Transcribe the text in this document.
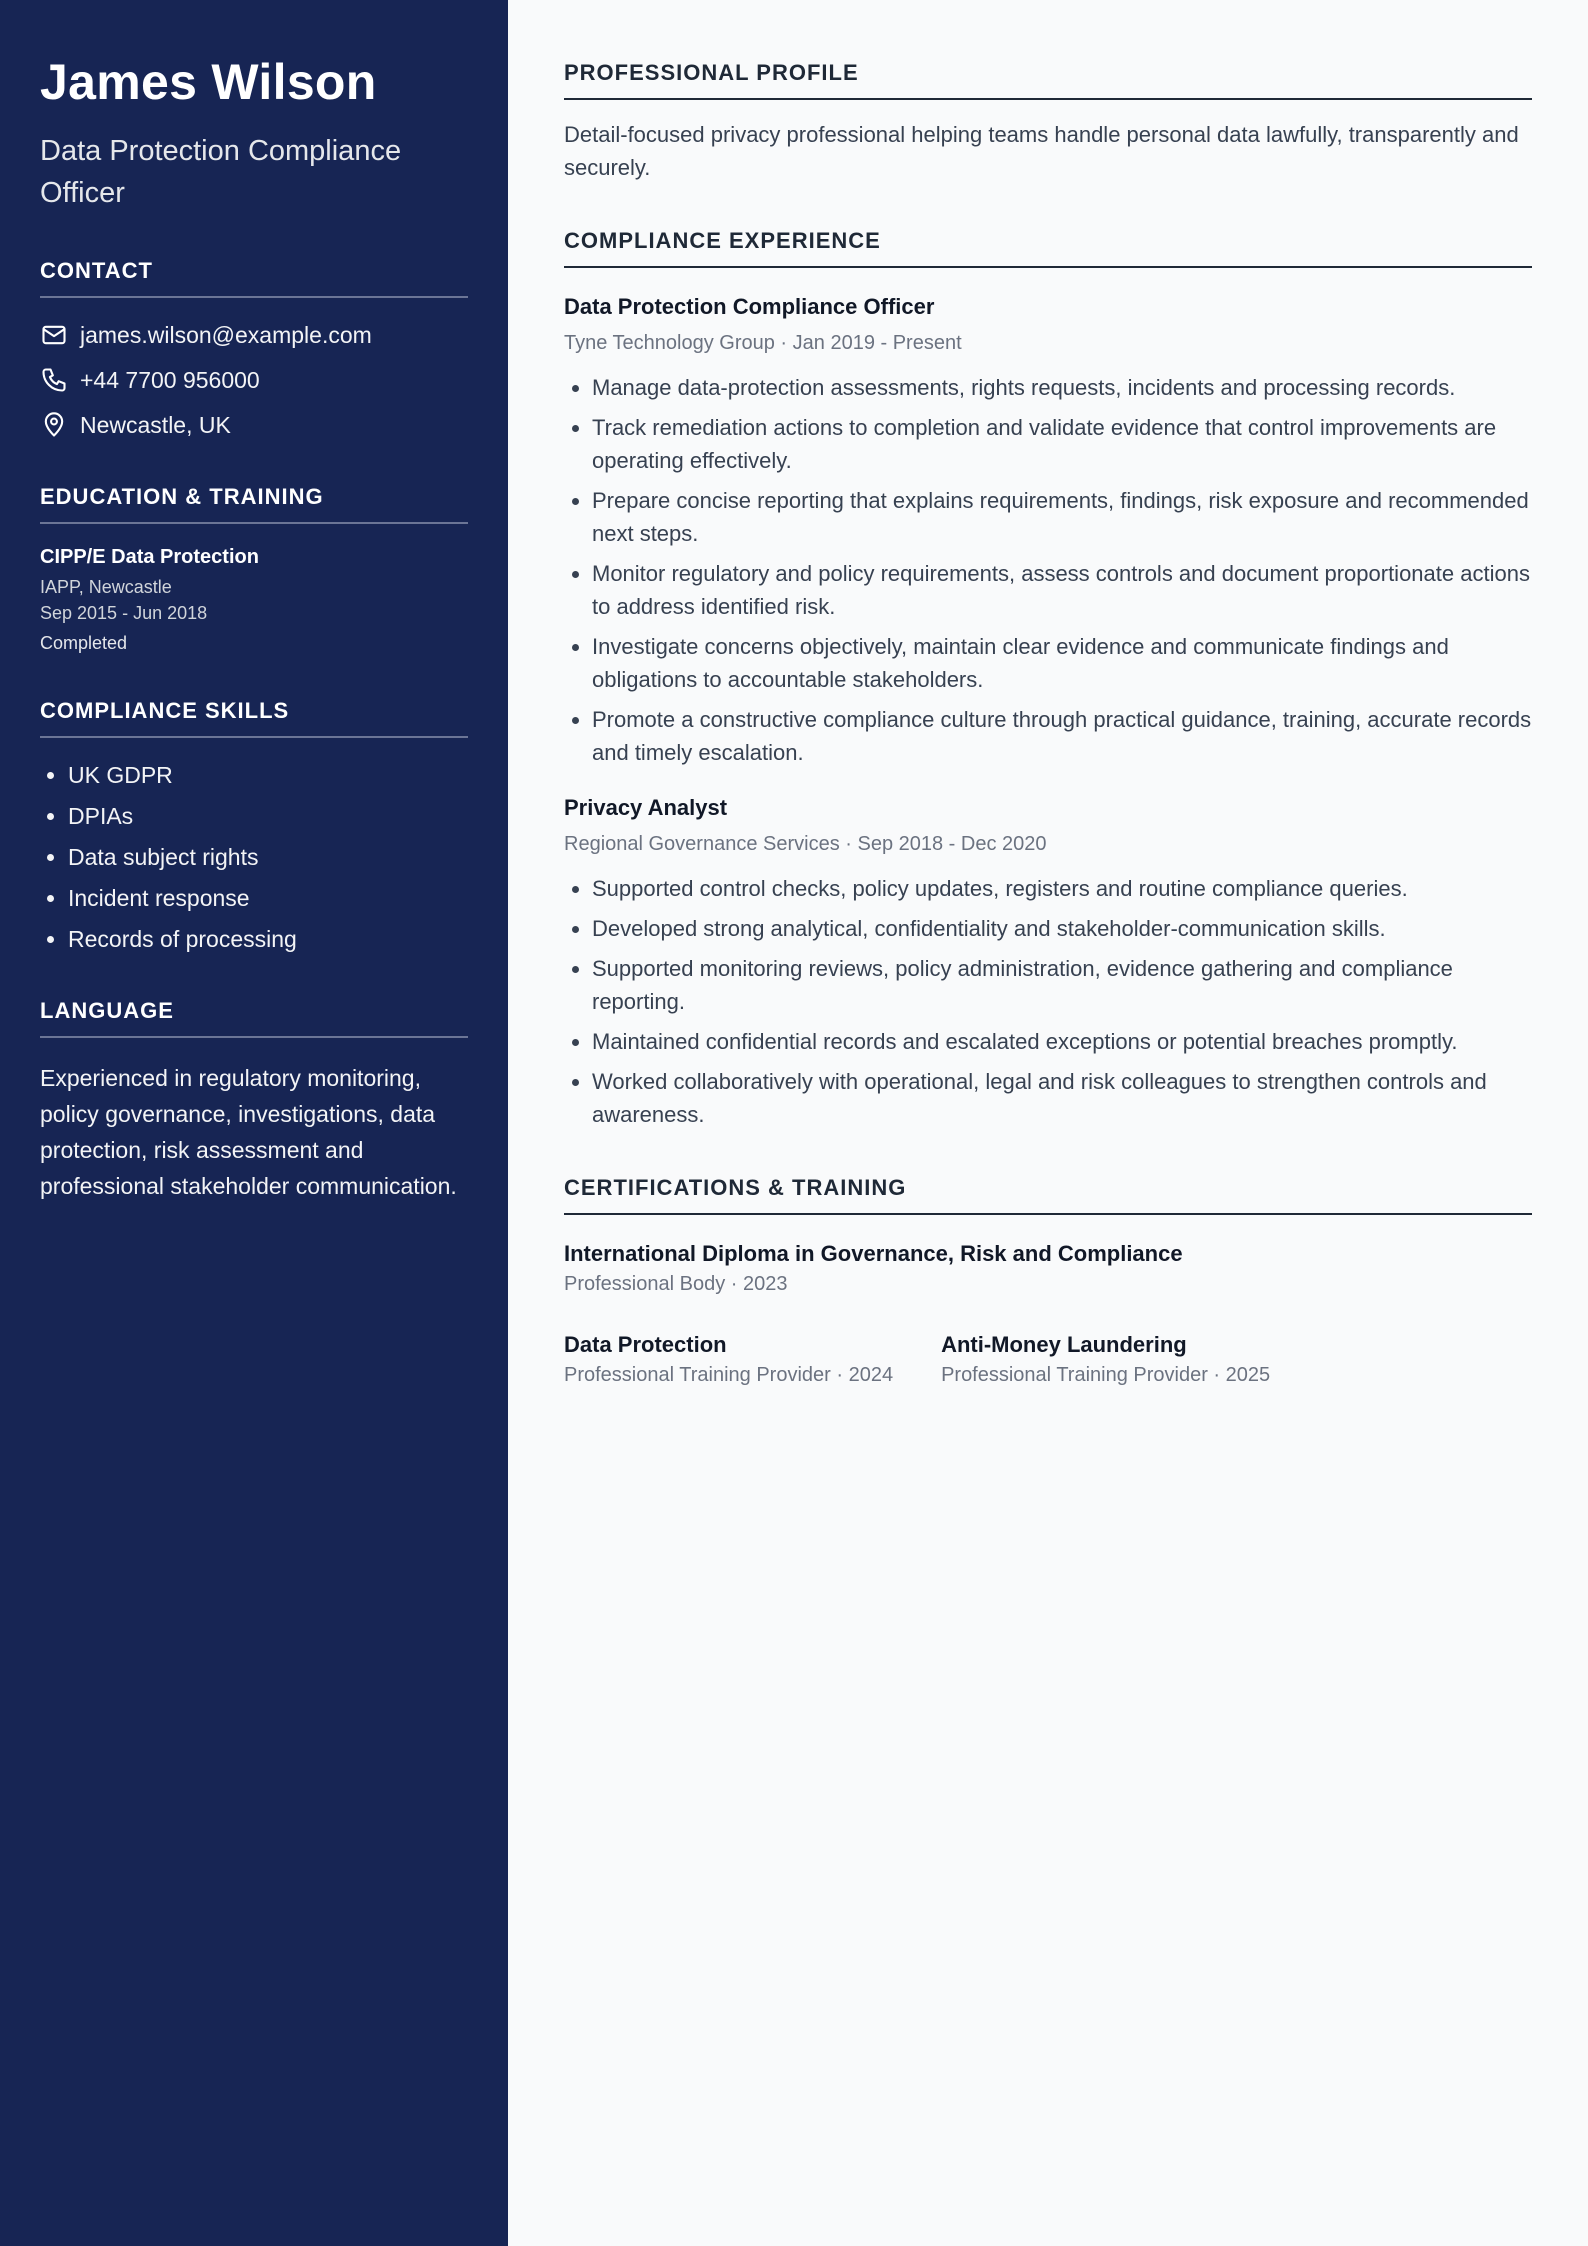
James Wilson
Data Protection Compliance Officer
CONTACT
james.wilson@example.com
+44 7700 956000
Newcastle, UK
EDUCATION & TRAINING
CIPP/E Data Protection
IAPP, Newcastle
Sep 2015 - Jun 2018
Completed
COMPLIANCE SKILLS
• UK GDPR
• DPIAs
• Data subject rights
• Incident response
• Records of processing
LANGUAGE

Experienced in regulatory monitoring, policy governance, investigations, data protection, risk assessment and professional stakeholder communication.

PROFESSIONAL PROFILE

Detail-focused privacy professional helping teams handle personal data lawfully, transparently and securely.

COMPLIANCE EXPERIENCE
Data Protection Compliance Officer
Tyne Technology Group · Jan 2019 - Present
• Manage data-protection assessments, rights requests, incidents and processing records.
• Track remediation actions to completion and validate evidence that control improvements are operating effectively.
• Prepare concise reporting that explains requirements, findings, risk exposure and recommended next steps.
• Monitor regulatory and policy requirements, assess controls and document proportionate actions to address identified risk.
• Investigate concerns objectively, maintain clear evidence and communicate findings and obligations to accountable stakeholders.
• Promote a constructive compliance culture through practical guidance, training, accurate records and timely escalation.
Privacy Analyst
Regional Governance Services · Sep 2018 - Dec 2020
• Supported control checks, policy updates, registers and routine compliance queries.
• Developed strong analytical, confidentiality and stakeholder-communication skills.
• Supported monitoring reviews, policy administration, evidence gathering and compliance reporting.
• Maintained confidential records and escalated exceptions or potential breaches promptly.
• Worked collaboratively with operational, legal and risk colleagues to strengthen controls and awareness.
CERTIFICATIONS & TRAINING
International Diploma in Governance, Risk and Compliance
Professional Body · 2023
Data Protection
Professional Training Provider · 2024
Anti-Money Laundering
Professional Training Provider · 2025
